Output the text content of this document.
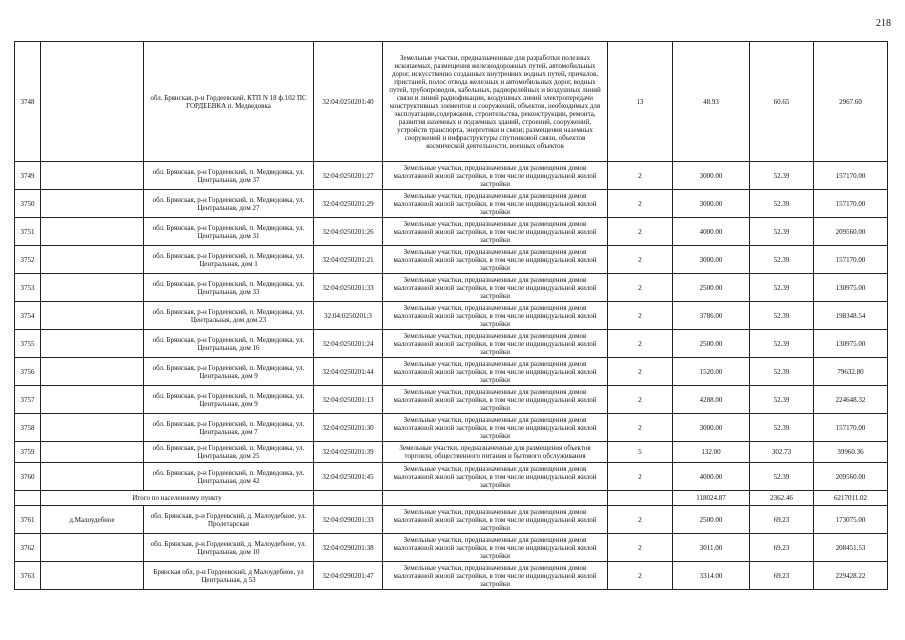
218
3748		обл. Брянская, р-н Гордеевский, КТП N 18 ф.102 ПС ГОРДЕЕВКА п. Медведовка	32:04:0250201:40	Земельные участки, предназначенные для разработки полезных ископаемых, размещения железнодорожных путей, автомобильных дорог, искусственно созданных внутренних водных путей, причалов, пристаней, полос отвода железных и автомобильных дорог, водных путей, трубопроводов, кабельных, радиорелейных и воздушных линий связи и линий радиофикации, воздушных линий электропередачи конструктивных элементов и сооружений, объектов, необходимых для эксплуатации,содержания, строительства, реконструкции, ремонта, развития наземных и подземных зданий, строений, сооружений, устройств транспорта, энергетики и связи; размещения наземных сооружений и инфраструктуры спутниковой связи, объектов космической деятельности, военных объектов	13	48.93	60.65	2967.60
3749		обл. Брянская, р-н Гордеевский, п. Медведовка, ул. Центральная, дом 37	32:04:0250201:27	Земельные участки, предназначенные для размещения домов малоэтажной жилой застройки, в том числе индивидуальной жилой застройки	2	3000.00	52.39	157170.00
3750		обл. Брянская, р-н Гордеевский, п. Медведовка, ул. Центральная, дом 27	32:04:0250201:29	Земельные участки, предназначенные для размещения домов малоэтажной жилой застройки, в том числе индивидуальной жилой застройки	2	3000.00	52.39	157170.00
3751		обл. Брянская, р-н Гордеевский, п. Медведовка, ул. Центральная, дом 31	32:04:0250201:26	Земельные участки, предназначенные для размещения домов малоэтажной жилой застройки, в том числе индивидуальной жилой застройки	2	4000.00	52.39	209560.00
3752		обл. Брянская, р-н Гордеевский, п. Медведовка, ул. Центральная, дом 1	32:04:0250201:21	Земельные участки, предназначенные для размещения домов малоэтажной жилой застройки, в том числе индивидуальной жилой застройки	2	3000.00	52.39	157170.00
3753		обл. Брянская, р-н Гордеевский, п. Медведовка, ул. Центральная, дом 33	32:04:0250201:33	Земельные участки, предназначенные для размещения домов малоэтажной жилой застройки, в том числе индивидуальной жилой застройки	2	2500.00	52.39	130975.00
3754		обл. Брянская, р-н Гордеевский, п. Медведовка, ул. Центральная, дом дом 23	32:04:0250201:3	Земельные участки, предназначенные для размещения домов малоэтажной жилой застройки, в том числе индивидуальной жилой застройки	2	3786.00	52.39	198348.54
3755		обл. Брянская, р-н Гордеевский, п. Медведовка, ул. Центральная, дом 16	32:04:0250201:24	Земельные участки, предназначенные для размещения домов малоэтажной жилой застройки, в том числе индивидуальной жилой застройки	2	2500.00	52.39	130975.00
3756		обл. Брянская, р-н Гордеевский, п. Медведовка, ул. Центральная, дом 9	32:04:0250201:44	Земельные участки, предназначенные для размещения домов малоэтажной жилой застройки, в том числе индивидуальной жилой застройки	2	1520.00	52.39	79632.80
3757		обл. Брянская, р-н Гордеевский, п. Медведовка, ул. Центральная, дом 9	32:04:0250201:13	Земельные участки, предназначенные для размещения домов малоэтажной жилой застройки, в том числе индивидуальной жилой застройки	2	4288.00	52.39	224648.32
3758		обл. Брянская, р-н Гордеевский, п. Медведовка, ул. Центральная, дом 7	32:04:0250201:30	Земельные участки, предназначенные для размещения домов малоэтажной жилой застройки, в том числе индивидуальной жилой застройки	2	3000.00	52.39	157170.00
3759		обл. Брянская, р-н Гордеевский, п. Медведовка, ул. Центральная, дом 25	32:04:0250201:39	Земельные участки, предназначенные для размещения объектов торговли, общественного питания и бытового обслуживания	5	132.00	302.73	39960.36
3760		обл. Брянская, р-н Гордеевский, п. Медведовка, ул. Центральная, дом 42	32:04:0250201:45	Земельные участки, предназначенные для размещения домов малоэтажной жилой застройки, в том числе индивидуальной жилой застройки	2	4000.00	52.39	209560.00
	Итого по населенному пункту					118024.87	2362.46	6217011.02
3761	д.Малоудебное	обл. Брянская, р-н Гордеевский, д. Малоудебное, ул. Пролетарская	32:04:0290201:33	Земельные участки, предназначенные для размещения домов малоэтажной жилой застройки, в том числе индивидуальной жилой застройки	2	2500.00	69.23	173075.00
3762		обл. Брянская, р-н Гордеевский, д. Малоудебное, ул. Центральная, дом 10	32:04:0290201:38	Земельные участки, предназначенные для размещения домов малоэтажной жилой застройки, в том числе индивидуальной жилой застройки	2	3011.00	69.23	208451.53
3763		Брянская обл, р-н Гордеевский, д Малоудебное, ул Центральная, д 53	32:04:0290201:47	Земельные участки, предназначенные для размещения домов малоэтажной жилой застройки, в том числе индивидуальной жилой застройки	2	3314.00	69.23	229428.22
